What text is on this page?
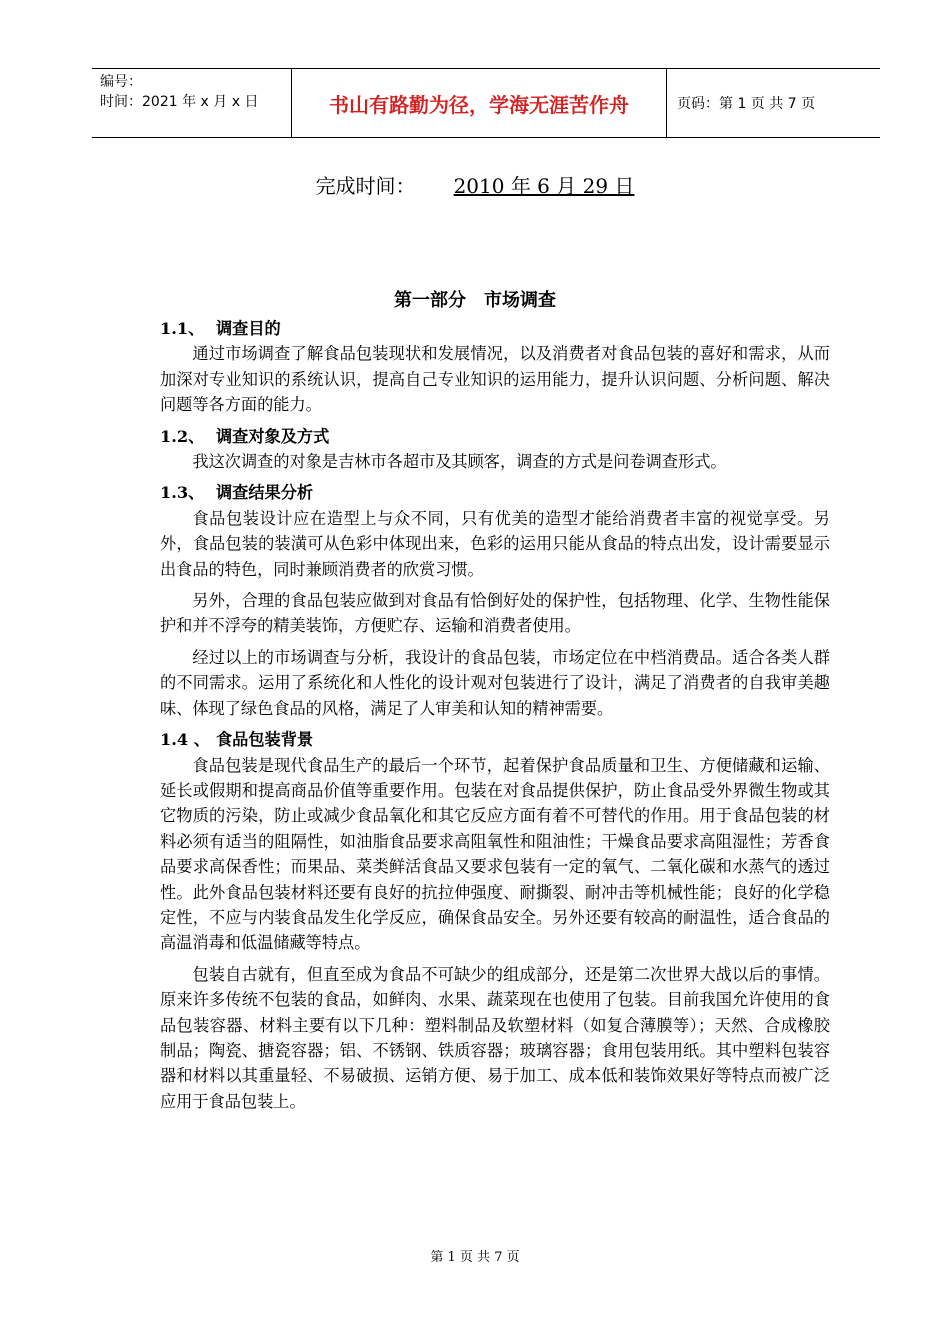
编号：
时间：2021 年 x 月 x 日	书山有路勤为径，学海无涯苦作舟	页码：第 1 页 共 7 页
完成时间： 2010 年 6 月 29 日
第一部分　市场调查
1.1、 调查目的

通过市场调查了解食品包装现状和发展情况，以及消费者对食品包装的喜好和需求，从而加深对专业知识的系统认识，提高自己专业知识的运用能力，提升认识问题、分析问题、解决问题等各方面的能力。

1.2、 调查对象及方式

我这次调查的对象是吉林市各超市及其顾客，调查的方式是问卷调查形式。

1.3、 调查结果分析

食品包装设计应在造型上与众不同，只有优美的造型才能给消费者丰富的视觉享受。另外，食品包装的装潢可从色彩中体现出来，色彩的运用只能从食品的特点出发，设计需要显示出食品的特色，同时兼顾消费者的欣赏习惯。

另外，合理的食品包装应做到对食品有恰倒好处的保护性，包括物理、化学、生物性能保护和并不浮夸的精美装饰，方便贮存、运输和消费者使用。

经过以上的市场调查与分析，我设计的食品包装，市场定位在中档消费品。适合各类人群的不同需求。运用了系统化和人性化的设计观对包装进行了设计，满足了消费者的自我审美趣味、体现了绿色食品的风格，满足了人审美和认知的精神需要。

1.4 、 食品包装背景

食品包装是现代食品生产的最后一个环节，起着保护食品质量和卫生、方便储藏和运输、延长或假期和提高商品价值等重要作用。包装在对食品提供保护，防止食品受外界微生物或其它物质的污染，防止或减少食品氧化和其它反应方面有着不可替代的作用。用于食品包装的材料必须有适当的阻隔性，如油脂食品要求高阻氧性和阻油性；干燥食品要求高阻湿性；芳香食品要求高保香性；而果品、菜类鲜活食品又要求包装有一定的氧气、二氧化碳和水蒸气的透过性。此外食品包装材料还要有良好的抗拉伸强度、耐撕裂、耐冲击等机械性能；良好的化学稳定性，不应与内装食品发生化学反应，确保食品安全。另外还要有较高的耐温性，适合食品的高温消毒和低温储藏等特点。

包装自古就有，但直至成为食品不可缺少的组成部分，还是第二次世界大战以后的事情。原来许多传统不包装的食品，如鲜肉、水果、蔬菜现在也使用了包装。目前我国允许使用的食品包装容器、材料主要有以下几种：塑料制品及软塑材料（如复合薄膜等）；天然、合成橡胶制品；陶瓷、搪瓷容器；铝、不锈钢、铁质容器；玻璃容器；食用包装用纸。其中塑料包装容器和材料以其重量轻、不易破损、运销方便、易于加工、成本低和装饰效果好等特点而被广泛应用于食品包装上。

第 1 页 共 7 页
